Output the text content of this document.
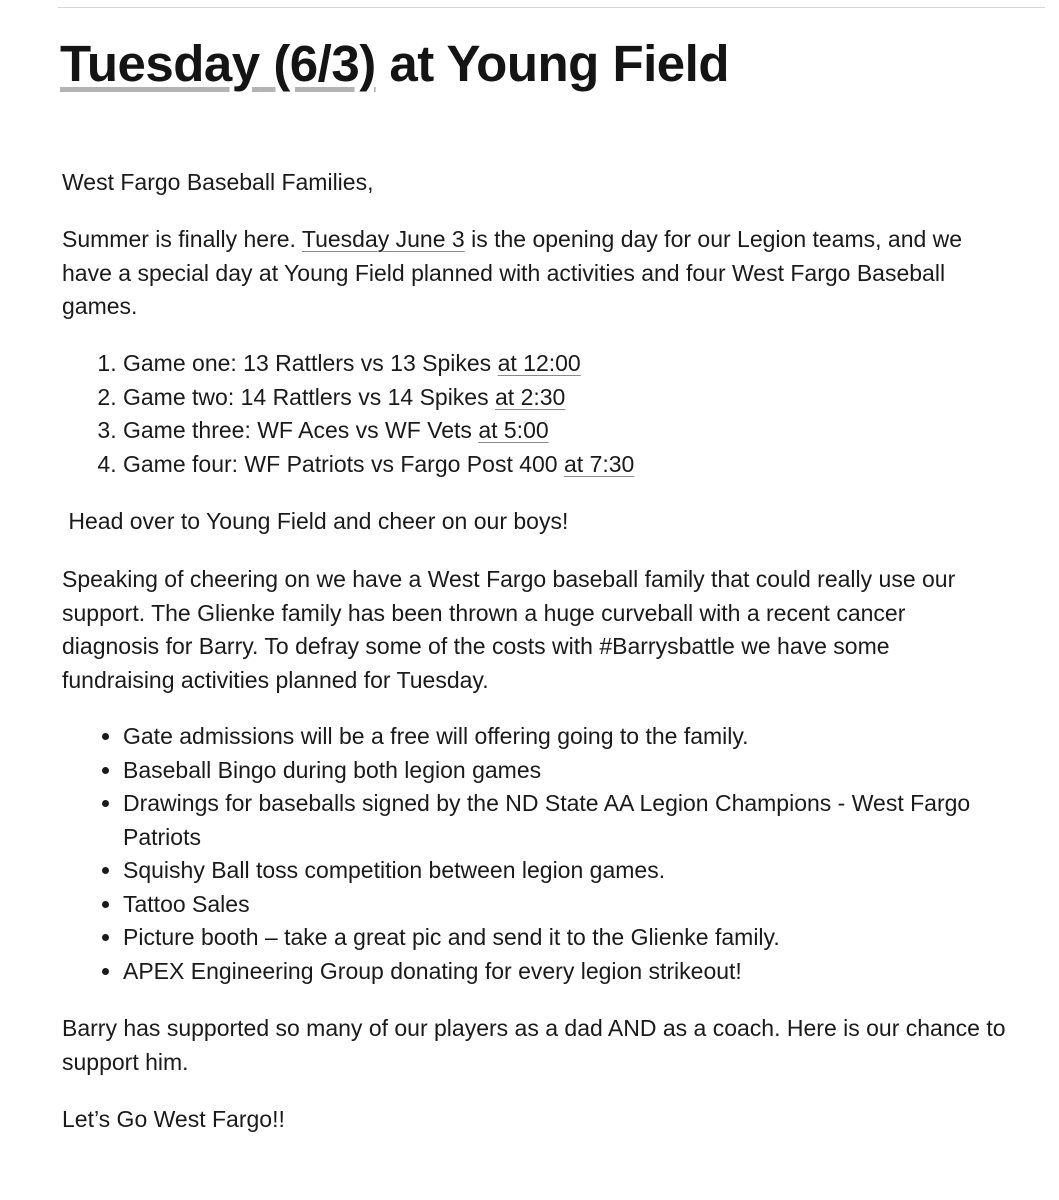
Tuesday (6/3) at Young Field

West Fargo Baseball Families,

Summer is finally here. Tuesday June 3 is the opening day for our Legion teams, and we have a special day at Young Field planned with activities and four West Fargo Baseball games.

1. Game one: 13 Rattlers vs 13 Spikes at 12:00
2. Game two: 14 Rattlers vs 14 Spikes at 2:30
3. Game three: WF Aces vs WF Vets at 5:00
4. Game four: WF Patriots vs Fargo Post 400 at 7:30

Head over to Young Field and cheer on our boys!

Speaking of cheering on we have a West Fargo baseball family that could really use our support. The Glienke family has been thrown a huge curveball with a recent cancer diagnosis for Barry. To defray some of the costs with #Barrysbattle we have some fundraising activities planned for Tuesday.

• Gate admissions will be a free will offering going to the family.
• Baseball Bingo during both legion games
• Drawings for baseballs signed by the ND State AA Legion Champions - West Fargo Patriots
• Squishy Ball toss competition between legion games.
• Tattoo Sales
• Picture booth – take a great pic and send it to the Glienke family.
• APEX Engineering Group donating for every legion strikeout!

Barry has supported so many of our players as a dad AND as a coach. Here is our chance to support him.

Let’s Go West Fargo!!
